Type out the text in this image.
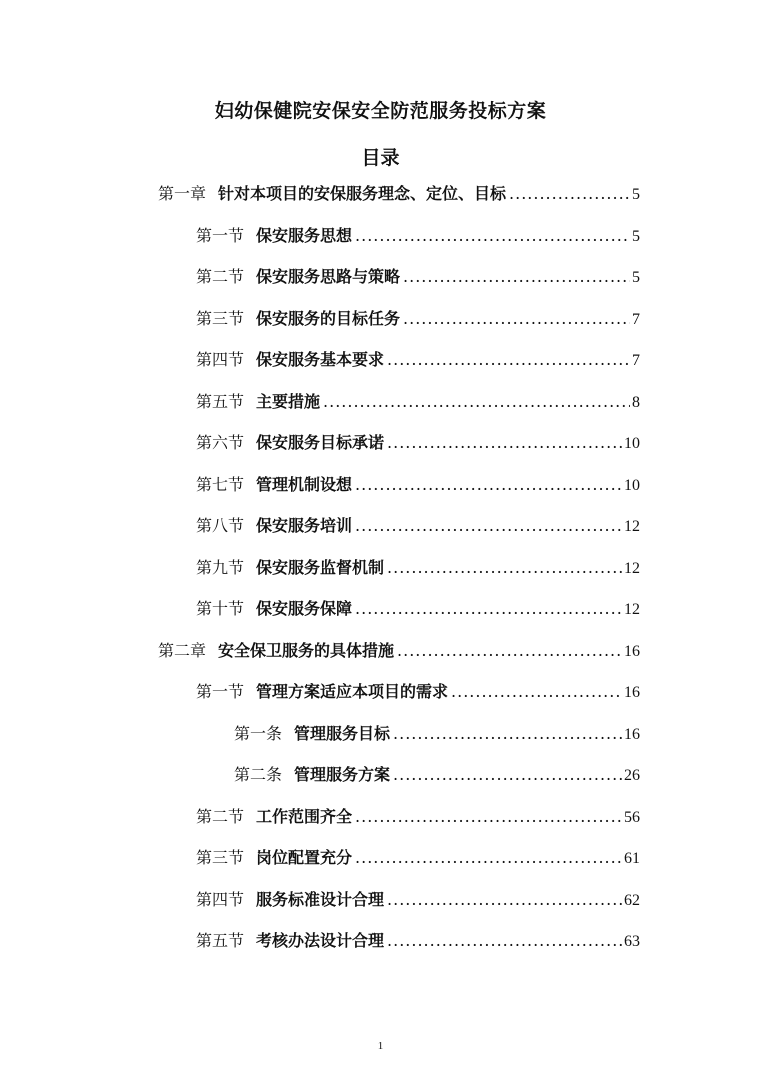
妇幼保健院安保安全防范服务投标方案
目录
第一章 针对本项目的安保服务理念、定位、目标 .....	5
第一节 保安服务思想 .....	5
第二节 保安服务思路与策略 .....	5
第三节 保安服务的目标任务 .....	7
第四节 保安服务基本要求 .....	7
第五节 主要措施 .....	8
第六节 保安服务目标承诺 .....	10
第七节 管理机制设想 .....	10
第八节 保安服务培训 .....	12
第九节 保安服务监督机制 .....	12
第十节 保安服务保障 .....	12
第二章 安全保卫服务的具体措施 .....	16
第一节 管理方案适应本项目的需求 .....	16
第一条 管理服务目标 .....	16
第二条 管理服务方案 .....	26
第二节 工作范围齐全 .....	56
第三节 岗位配置充分 .....	61
第四节 服务标准设计合理 .....	62
第五节 考核办法设计合理 .....	63
1
